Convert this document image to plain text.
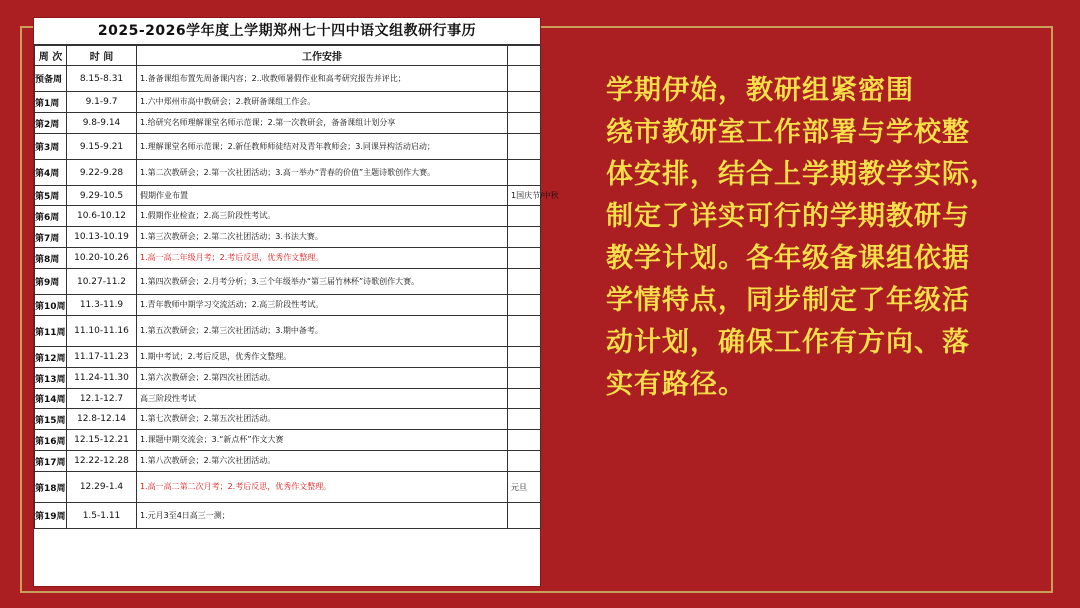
2025-2026学年度上学期郑州七十四中语文组教研行事历
周 次	时 间	工作安排	
预备周	8.15-8.31	1.备备课组布置先周备课内容；2..收教师暑假作业和高考研究报告并评比；	
第1周	9.1-9.7	1.六中郑州市高中教研会；2.教研备课组工作会。	
第2周	9.8-9.14	1.给研究名师理解课堂名师示范课；2.第一次教研会，备备课组计划分享	
第3周	9.15-9.21	1.理解课堂名师示范课；2.新任教师师徒结对及青年教师会；3.同课异构活动启动；	
第4周	9.22-9.28	1.第二次教研会；2.第一次社团活动；3.高一举办“青春的价值”主题诗歌创作大赛。	
第5周	9.29-10.5	假期作业布置	1国庆节/中秋
第6周	10.6-10.12	1.假期作业检查；2.高三阶段性考试。	
第7周	10.13-10.19	1.第三次教研会；2.第二次社团活动；3.书法大赛。	
第8周	10.20-10.26	1.高一高二年级月考；2.考后反思，优秀作文整理。	
第9周	10.27-11.2	1.第四次教研会；2.月考分析；3.三个年级举办“第三届竹林杯”诗歌创作大赛。	
第10周	11.3-11.9	1.青年教师中期学习交流活动；2.高三阶段性考试。	
第11周	11.10-11.16	1.第五次教研会；2.第三次社团活动；3.期中备考。	
第12周	11.17-11.23	1.期中考试；2.考后反思，优秀作文整理。	
第13周	11.24-11.30	1.第六次教研会；2.第四次社团活动。	
第14周	12.1-12.7	高三阶段性考试	
第15周	12.8-12.14	1.第七次教研会；2.第五次社团活动。	
第16周	12.15-12.21	1.课题中期交流会；3.“新点杯”作文大赛	
第17周	12.22-12.28	1.第八次教研会；2.第六次社团活动。	
第18周	12.29-1.4	1.高一高二第二次月考；2.考后反思，优秀作文整理。	元旦
第19周	1.5-1.11	1.元月3至4日高三一测；	
学期伊始，教研组紧密围
绕市教研室工作部署与学校整
体安排，结合上学期教学实际，
制定了详实可行的学期教研与
教学计划。各年级备课组依据
学情特点，同步制定了年级活
动计划，确保工作有方向、落
实有路径。
